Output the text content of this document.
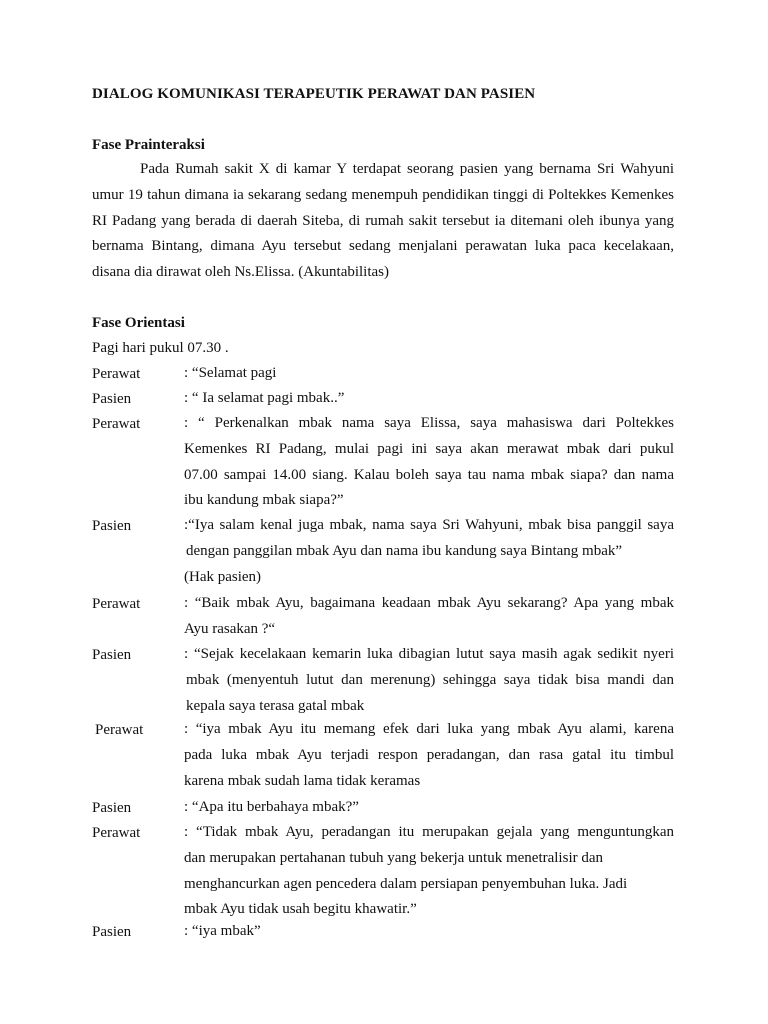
DIALOG KOMUNIKASI TERAPEUTIK PERAWAT DAN PASIEN
Fase Prainteraksi

Pada Rumah sakit X di kamar Y terdapat seorang pasien yang bernama Sri Wahyuni umur 19 tahun dimana ia sekarang sedang menempuh pendidikan tinggi di Poltekkes Kemenkes RI Padang yang berada di daerah Siteba, di rumah sakit tersebut ia ditemani oleh ibunya yang bernama Bintang, dimana Ayu tersebut sedang menjalani perawatan luka paca kecelakaan, disana dia dirawat oleh Ns.Elissa. (Akuntabilitas)

Fase Orientasi
Pagi hari pukul 07.30 .
Perawat	: “Selamat pagi
Pasien	: “ Ia selamat pagi mbak..”
Perawat	: “ Perkenalkan mbak nama saya Elissa, saya mahasiswa dari Poltekkes
Kemenkes RI Padang, mulai pagi ini saya akan merawat mbak dari pukul
07.00 sampai 14.00 siang. Kalau boleh saya tau nama mbak siapa? dan nama
ibu kandung mbak siapa?”
Pasien	:“Iya salam kenal juga mbak, nama saya Sri Wahyuni, mbak bisa panggil saya
dengan panggilan mbak Ayu dan nama ibu kandung saya Bintang mbak”
(Hak pasien)
Perawat	: “Baik mbak Ayu, bagaimana keadaan mbak Ayu sekarang? Apa yang mbak
Ayu rasakan ?“
Pasien	: “Sejak kecelakaan kemarin luka dibagian lutut saya masih agak sedikit nyeri
mbak (menyentuh lutut dan merenung) sehingga saya tidak bisa mandi dan
kepala saya terasa gatal mbak
Perawat	: “iya mbak Ayu itu memang efek dari luka yang mbak Ayu alami, karena
pada luka mbak Ayu terjadi respon peradangan, dan rasa gatal itu timbul
karena mbak sudah lama tidak keramas
Pasien	: “Apa itu berbahaya mbak?”
Perawat	: “Tidak mbak Ayu, peradangan itu merupakan gejala yang menguntungkan
dan merupakan pertahanan tubuh yang bekerja untuk menetralisir dan
menghancurkan agen pencedera dalam persiapan penyembuhan luka. Jadi
mbak Ayu tidak usah begitu khawatir.”
Pasien	: “iya mbak”
